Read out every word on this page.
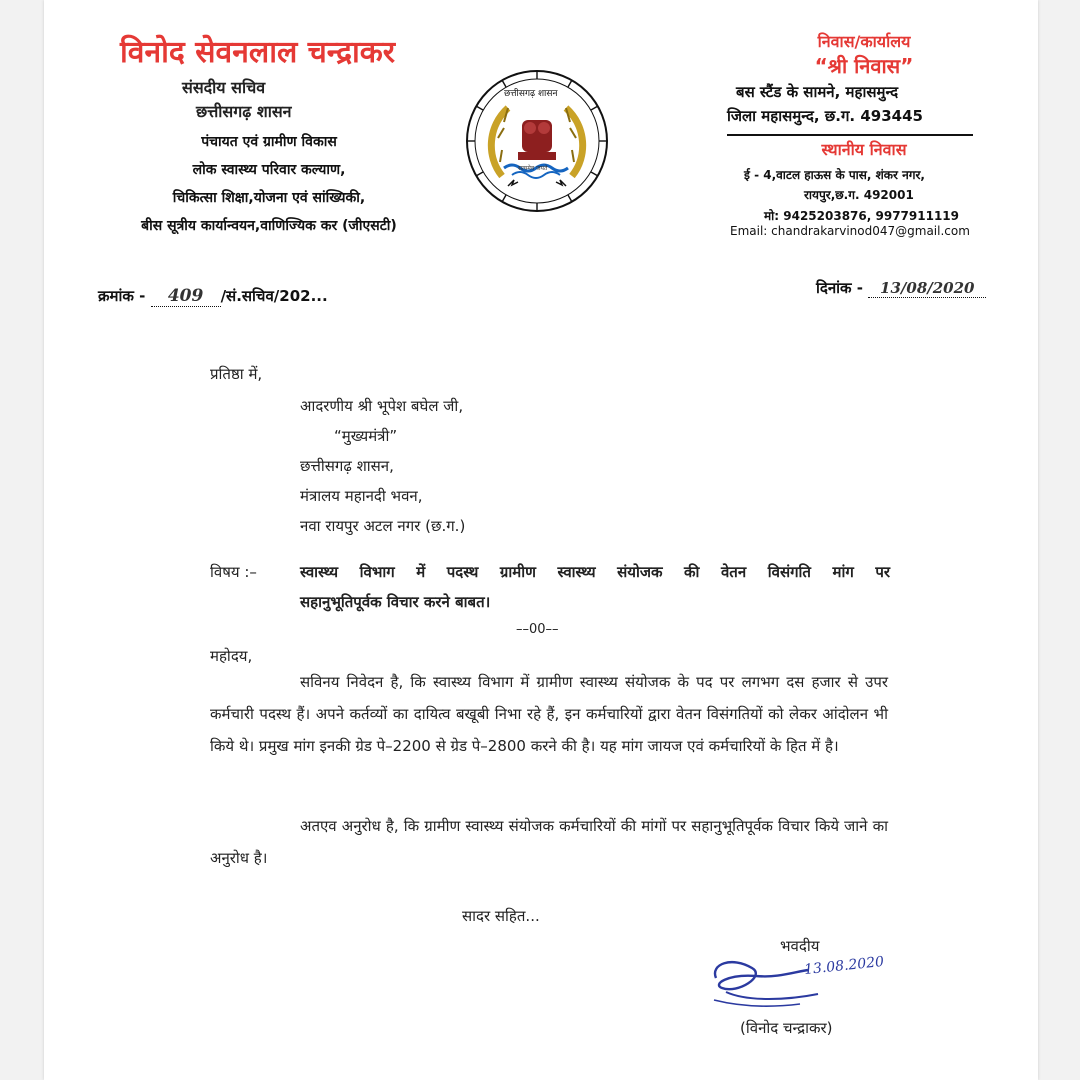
विनोद सेवनलाल चन्द्राकर
संसदीय सचिव
छत्तीसगढ़ शासन
पंचायत एवं ग्रामीण विकास
लोक स्वास्थ्य परिवार कल्याण,
चिकित्सा शिक्षा,योजना एवं सांख्यिकी,
बीस सूत्रीय कार्यान्वयन,वाणिज्यिक कर (जीएसटी)
छत्तीसगढ़ शासन
सत्यमेव जयते
निवास/कार्यालय
“श्री निवास”
बस स्टैंड के सामने, महासमुन्द
जिला महासमुन्द, छ.ग. 493445
स्थानीय निवास
ई - 4,वाटल हाऊस के पास, शंकर नगर,
रायपुर,छ.ग. 492001
मो: 9425203876, 9977911119
Email: chandrakarvinod047@gmail.com
क्रमांक - 409 /सं.सचिव/202...	दिनांक - 13/08/2020
प्रतिष्ठा में,
आदरणीय श्री भूपेश बघेल जी,
“मुख्यमंत्री”
छत्तीसगढ़ शासन,
मंत्रालय महानदी भवन,
नवा रायपुर अटल नगर (छ.ग.)
विषय :–	स्वास्थ्य विभाग में पदस्थ ग्रामीण स्वास्थ्य संयोजक की वेतन विसंगति मांग पर
सहानुभूतिपूर्वक विचार करने बाबत।
––00––
महोदय,
सविनय निवेदन है, कि स्वास्थ्य विभाग में ग्रामीण स्वास्थ्य संयोजक के पद पर लगभग दस हजार से उपर कर्मचारी पदस्थ हैं। अपने कर्तव्यों का दायित्व बखूबी निभा रहे हैं, इन कर्मचारियों द्वारा वेतन विसंगतियों को लेकर आंदोलन भी किये थे। प्रमुख मांग इनकी ग्रेड पे–2200 से ग्रेड पे–2800 करने की है। यह मांग जायज एवं कर्मचारियों के हित में है।
अतएव अनुरोध है, कि ग्रामीण स्वास्थ्य संयोजक कर्मचारियों की मांगों पर सहानुभूतिपूर्वक विचार किये जाने का अनुरोध है।
सादर सहित...
भवदीय
13.08.2020
(विनोद चन्द्राकर)
